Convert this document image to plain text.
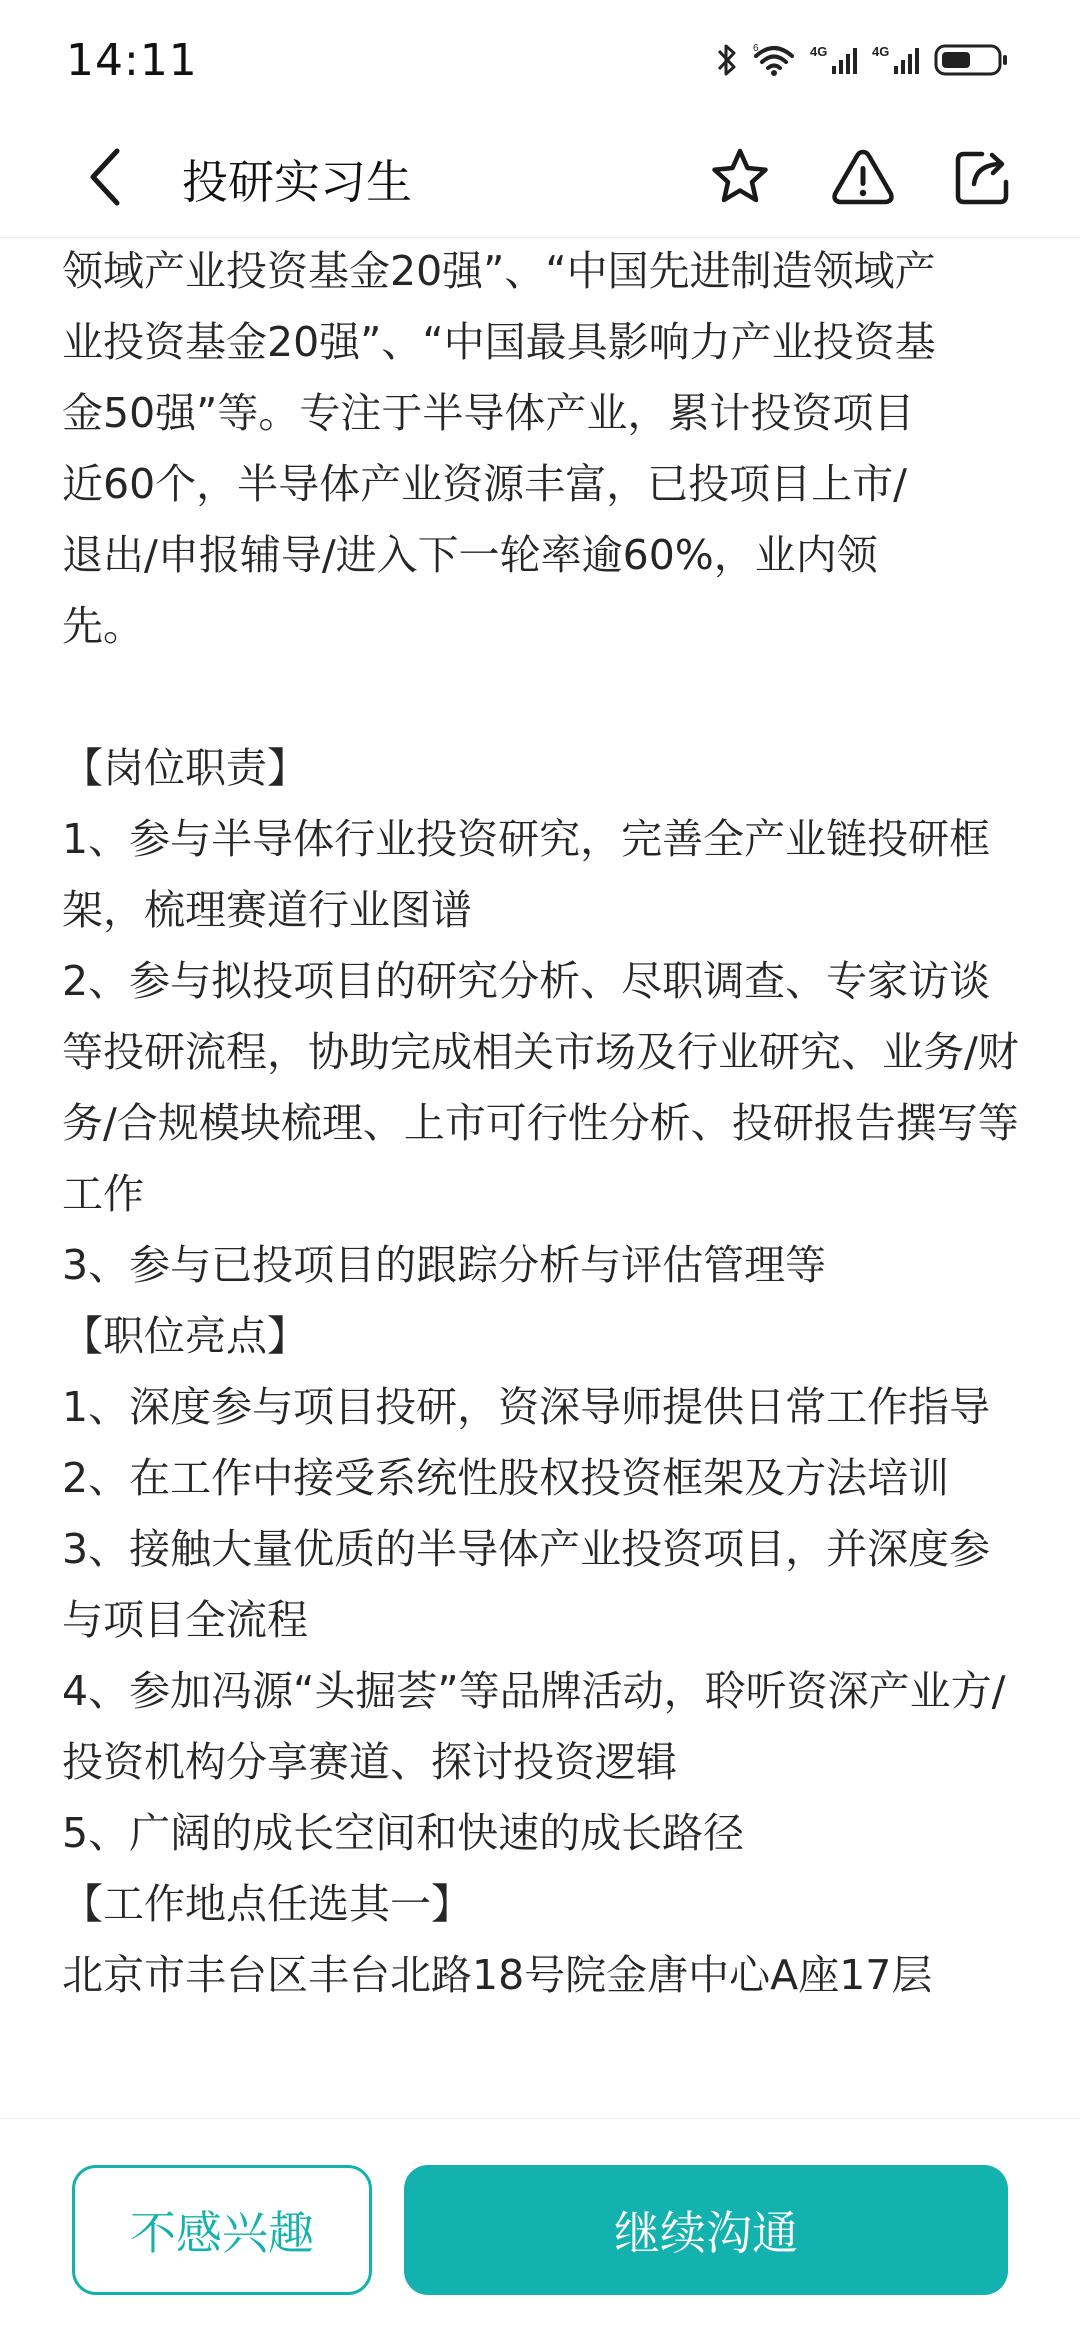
14:11	6	4G	4G
投研实习生
领域产业投资基金20强”、“中国先进制造领域产
业投资基金20强”、“中国最具影响力产业投资基
金50强”等。专注于半导体产业，累计投资项目
近60个，半导体产业资源丰富，已投项目上市/
退出/申报辅导/进入下一轮率逾60%，业内领
先。

【岗位职责】

1、参与半导体行业投资研究，完善全产业链投研框架，梳理赛道行业图谱

2、参与拟投项目的研究分析、尽职调查、专家访谈等投研流程，协助完成相关市场及行业研究、业务/财务/合规模块梳理、上市可行性分析、投研报告撰写等工作

3、参与已投项目的跟踪分析与评估管理等

【职位亮点】

1、深度参与项目投研，资深导师提供日常工作指导

2、在工作中接受系统性股权投资框架及方法培训

3、接触大量优质的半导体产业投资项目，并深度参与项目全流程

4、参加冯源“头掘荟”等品牌活动，聆听资深产业方/投资机构分享赛道、探讨投资逻辑

5、广阔的成长空间和快速的成长路径

【工作地点任选其一】

北京市丰台区丰台北路18号院金唐中心A座17层

不感兴趣	继续沟通
